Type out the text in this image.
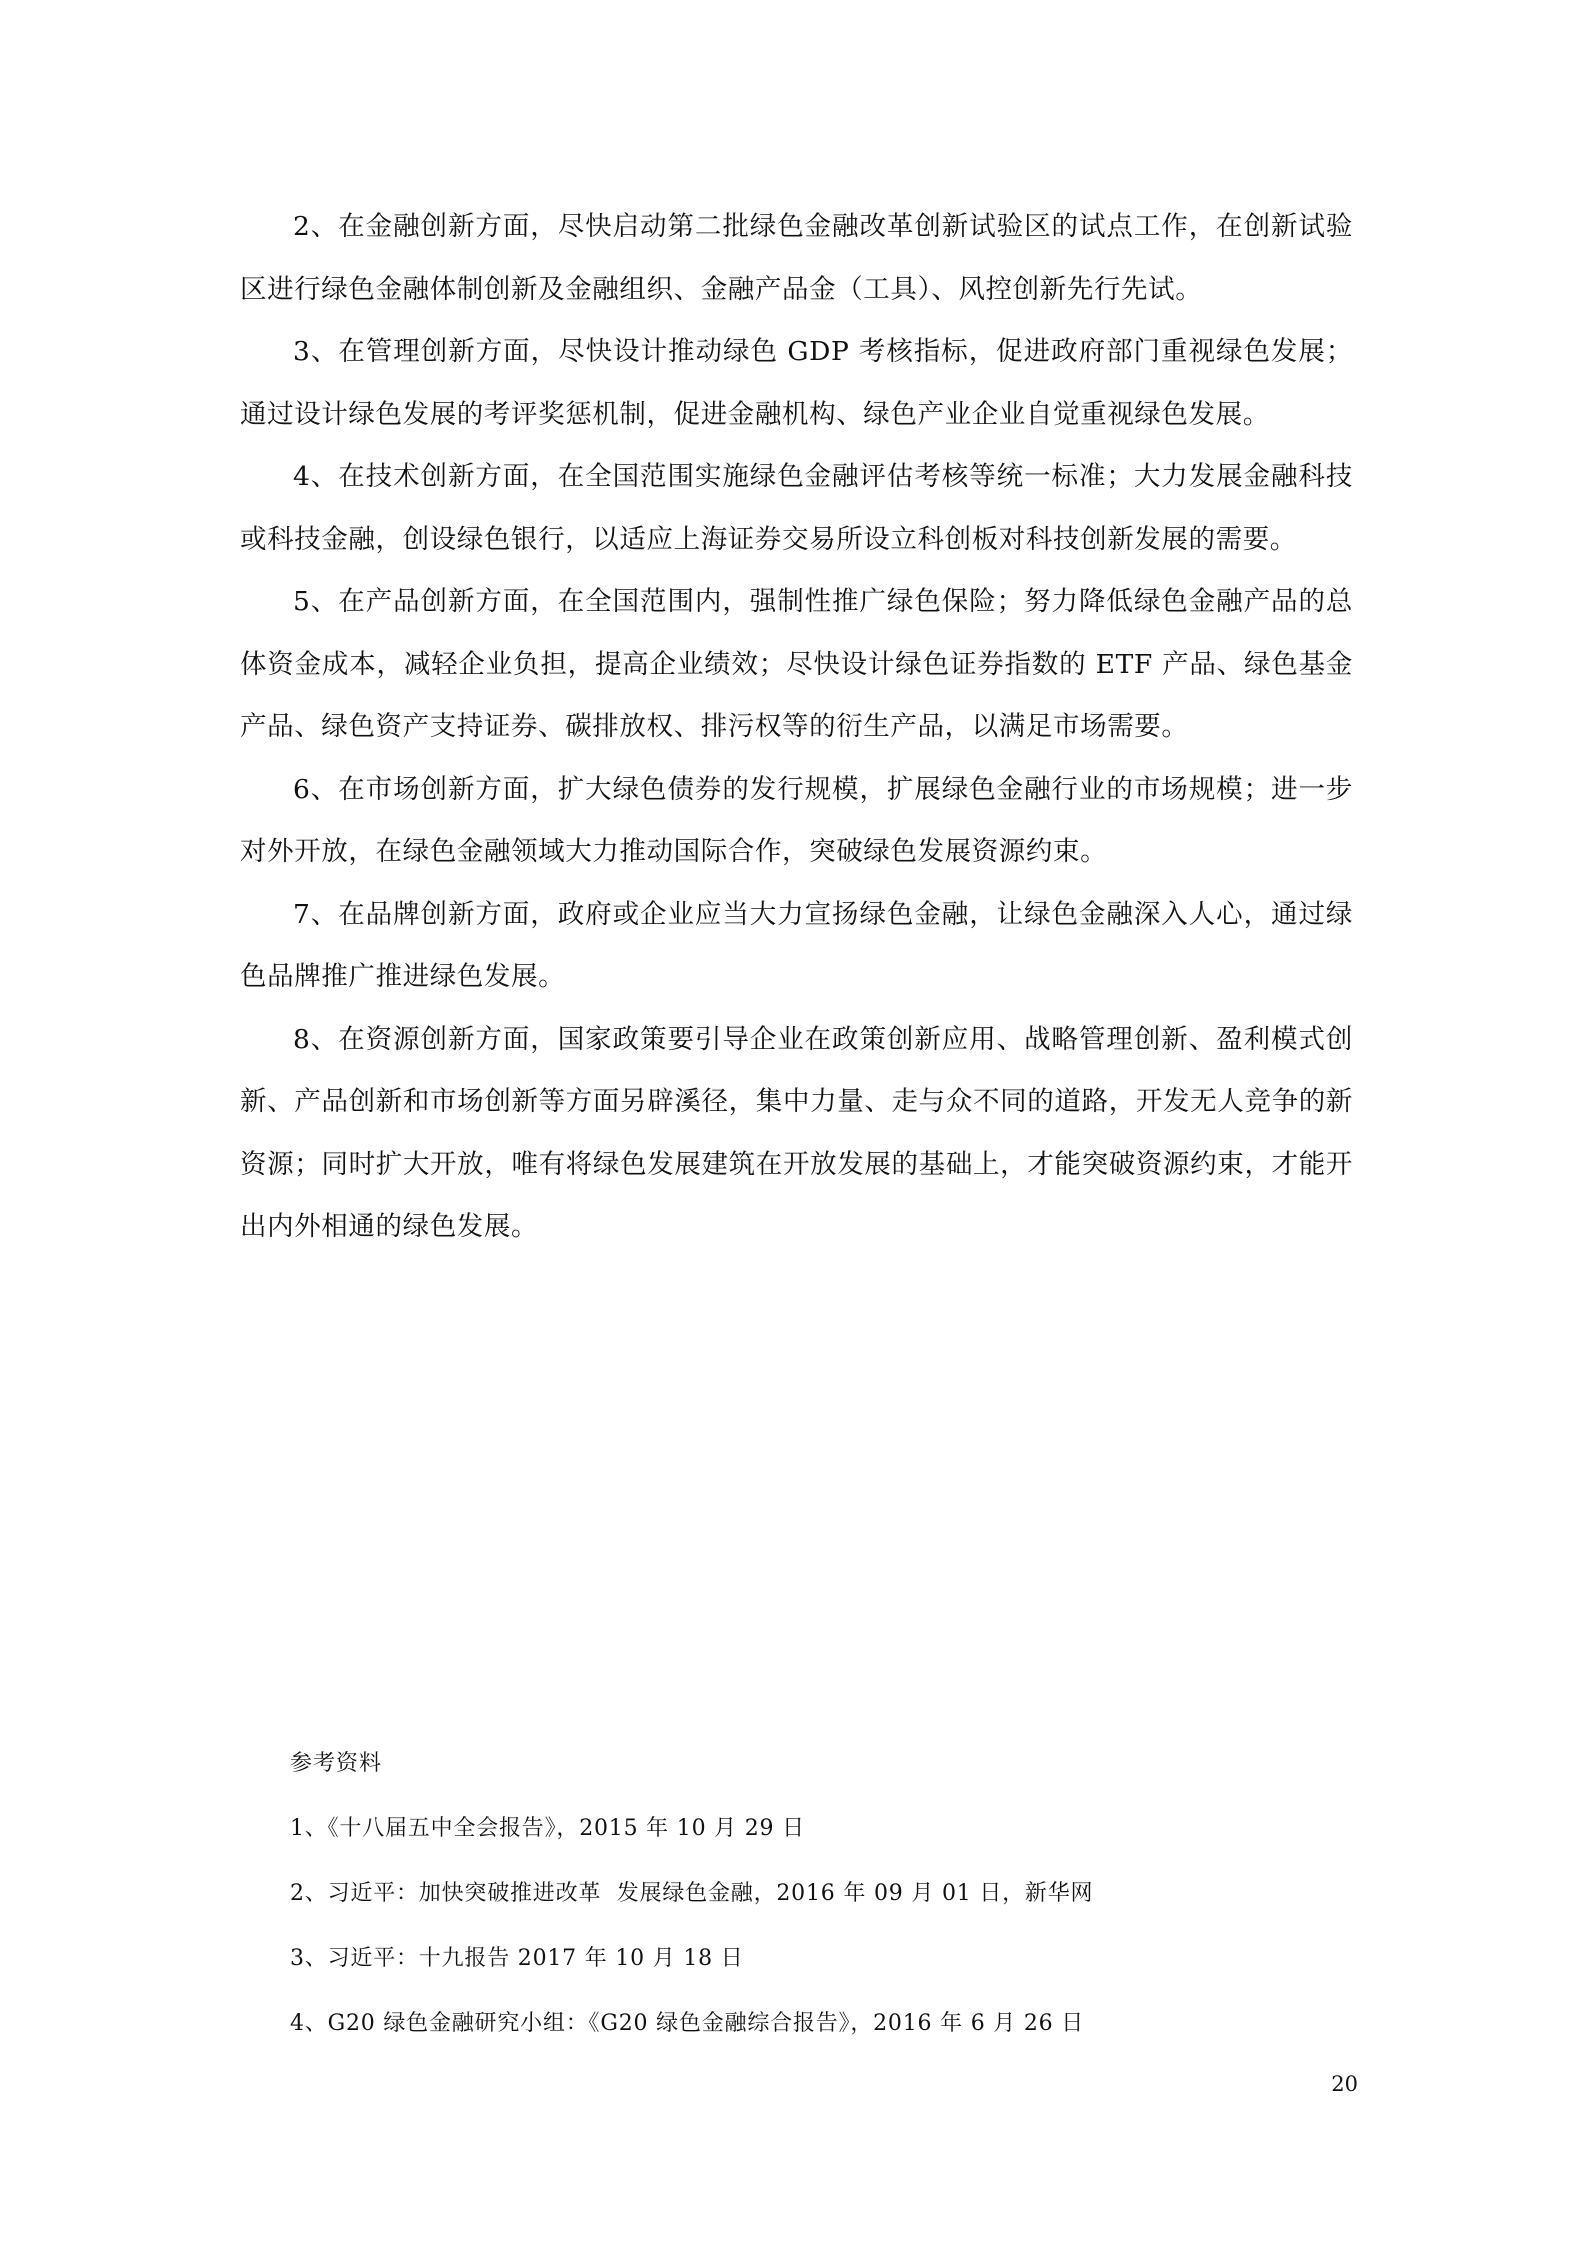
2、在金融创新方面，尽快启动第二批绿色金融改革创新试验区的试点工作，在创新试验区进行绿色金融体制创新及金融组织、金融产品金（工具）、风控创新先行先试。

3、在管理创新方面，尽快设计推动绿色 GDP 考核指标，促进政府部门重视绿色发展；通过设计绿色发展的考评奖惩机制，促进金融机构、绿色产业企业自觉重视绿色发展。

4、在技术创新方面，在全国范围实施绿色金融评估考核等统一标准；大力发展金融科技或科技金融，创设绿色银行，以适应上海证券交易所设立科创板对科技创新发展的需要。

5、在产品创新方面，在全国范围内，强制性推广绿色保险；努力降低绿色金融产品的总体资金成本，减轻企业负担，提高企业绩效；尽快设计绿色证券指数的 ETF 产品、绿色基金产品、绿色资产支持证券、碳排放权、排污权等的衍生产品，以满足市场需要。

6、在市场创新方面，扩大绿色债券的发行规模，扩展绿色金融行业的市场规模；进一步对外开放，在绿色金融领域大力推动国际合作，突破绿色发展资源约束。

7、在品牌创新方面，政府或企业应当大力宣扬绿色金融，让绿色金融深入人心，通过绿色品牌推广推进绿色发展。

8、在资源创新方面，国家政策要引导企业在政策创新应用、战略管理创新、盈利模式创新、产品创新和市场创新等方面另辟溪径，集中力量、走与众不同的道路，开发无人竞争的新资源；同时扩大开放，唯有将绿色发展建筑在开放发展的基础上，才能突破资源约束，才能开出内外相通的绿色发展。

参考资料
1、《十八届五中全会报告》，2015 年 10 月 29 日
2、习近平：加快突破推进改革  发展绿色金融，2016 年 09 月 01 日，新华网
3、习近平：十九报告 2017 年 10 月 18 日
4、G20 绿色金融研究小组：《G20 绿色金融综合报告》，2016 年 6 月 26 日
20
